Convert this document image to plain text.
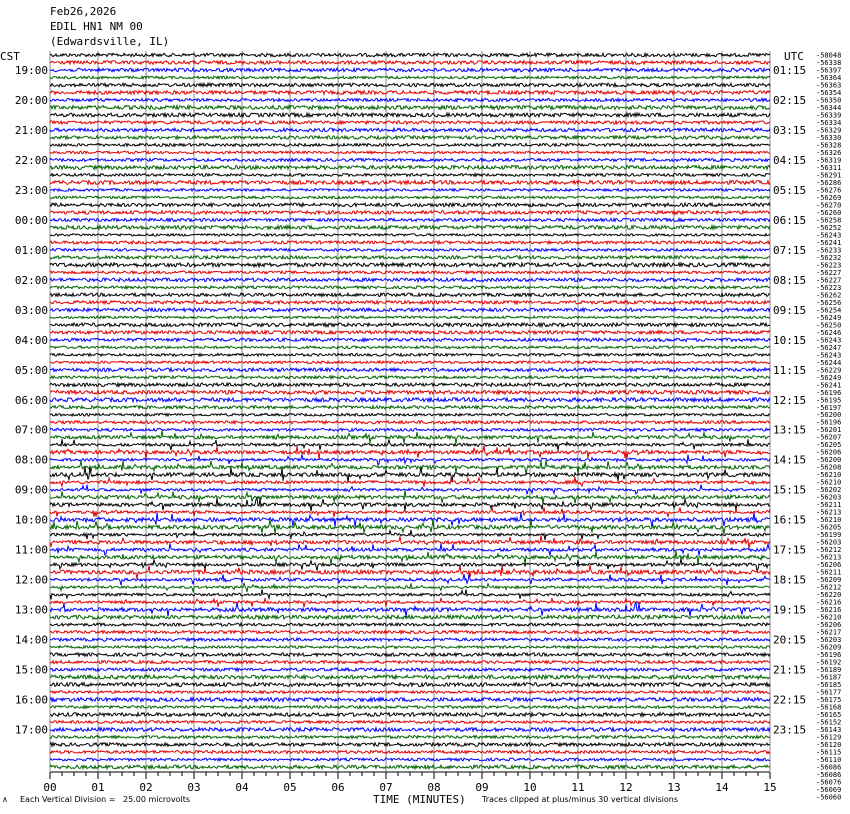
Feb26,2026
EDIL HN1 NM 00
(Edwardsville, IL)
CST	UTC
00	01	02	03	04	05	06	07	08	09	10	11	12	13	14	15
19:00
20:00
21:00
22:00
23:00
00:00
01:00
02:00
03:00
04:00
05:00
06:00
07:00
08:00
09:00
10:00
11:00
12:00
13:00
14:00
15:00
16:00
17:00
01:15
02:15
03:15
04:15
05:15
06:15
07:15
08:15
09:15
10:15
11:15
12:15
13:15
14:15
15:15
16:15
17:15
18:15
19:15
20:15
21:15
22:15
23:15
-58048
-56338
-56397
-56364
-56363
-56354
-56350
-56344
-56339
-56334
-56329
-56330
-56328
-56326
-56319
-56311
-56291
-56286
-56276
-56269
-56270
-56260
-56258
-56252
-56243
-56241
-56233
-56232
-56223
-56227
-56227
-56223
-56262
-56256
-56254
-56249
-56250
-56246
-56243
-56247
-56243
-56244
-56229
-56249
-56241
-56196
-56195
-56197
-56200
-56196
-56201
-56207
-56205
-56206
-56200
-56208
-56210
-56210
-56202
-56203
-56211
-56213
-56210
-56205
-56199
-56203
-56212
-56213
-56206
-56211
-56209
-56212
-56220
-56216
-56216
-56210
-56206
-56217
-56203
-56209
-56196
-56192
-56189
-56187
-56185
-56177
-56175
-56168
-56165
-56152
-56143
-56129
-56120
-56115
-56110
-56086
-56086
-56076
-56069
-56060
∧ Each Vertical Division =   25.00 microvolts	TIME (MINUTES) Traces clipped at plus/minus 30 vertical divisions
